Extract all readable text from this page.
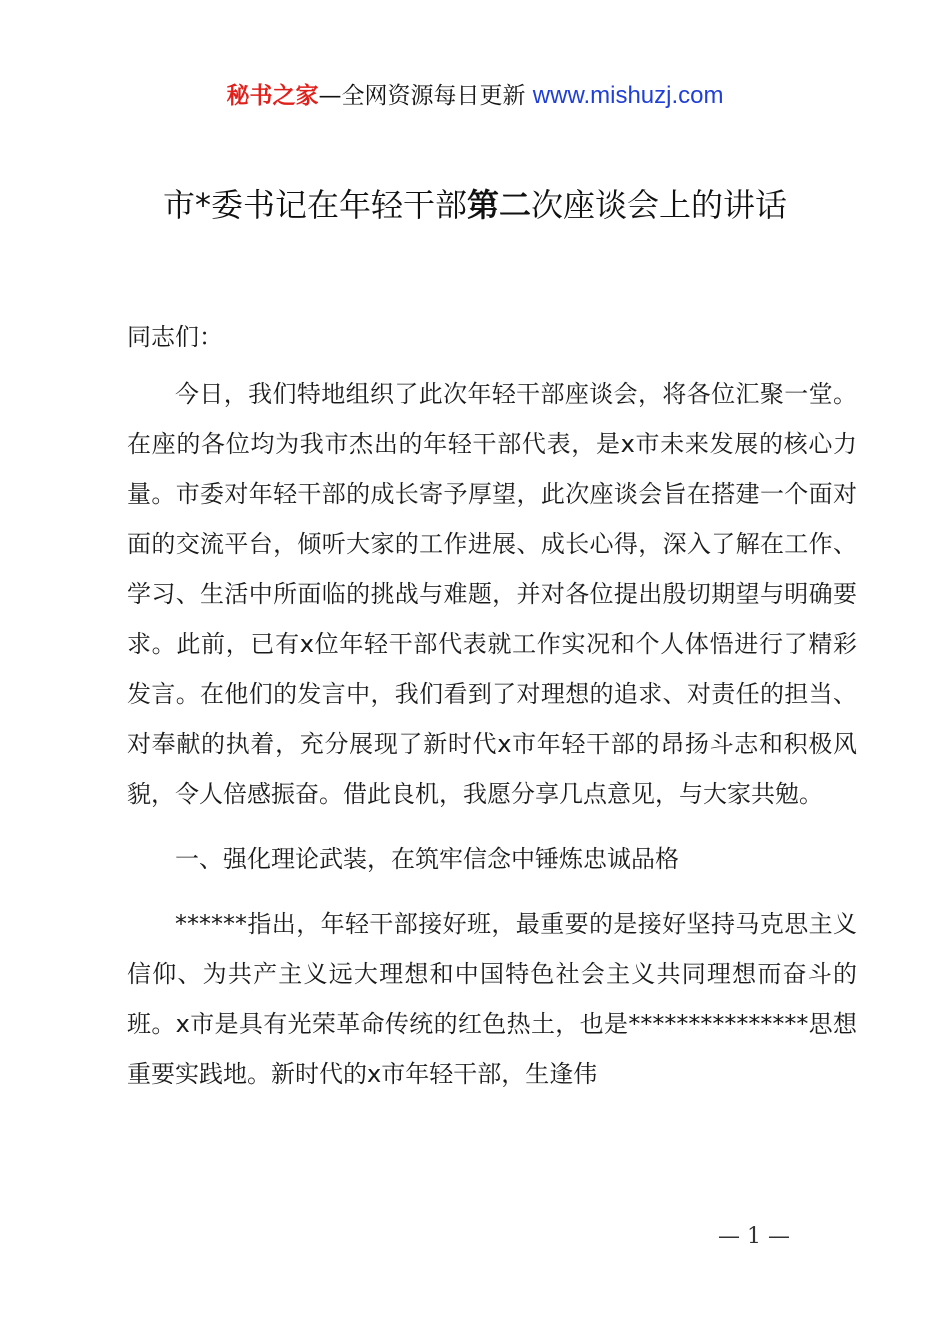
秘书之家—全网资源每日更新 www.mishuzj.com
市*委书记在年轻干部第二次座谈会上的讲话

同志们：

今日，我们特地组织了此次年轻干部座谈会，将各位汇聚一堂。在座的各位均为我市杰出的年轻干部代表，是x市未来发展的核心力量。市委对年轻干部的成长寄予厚望，此次座谈会旨在搭建一个面对面的交流平台，倾听大家的工作进展、成长心得，深入了解在工作、学习、生活中所面临的挑战与难题，并对各位提出殷切期望与明确要求。此前，已有x位年轻干部代表就工作实况和个人体悟进行了精彩发言。在他们的发言中，我们看到了对理想的追求、对责任的担当、对奉献的执着，充分展现了新时代x市年轻干部的昂扬斗志和积极风貌，令人倍感振奋。借此良机，我愿分享几点意见，与大家共勉。

一、强化理论武装，在筑牢信念中锤炼忠诚品格

******指出，年轻干部接好班，最重要的是接好坚持马克思主义信仰、为共产主义远大理想和中国特色社会主义共同理想而奋斗的班。x市是具有光荣革命传统的红色热土，也是***************思想重要实践地。新时代的x市年轻干部，生逢伟

— 1 —
